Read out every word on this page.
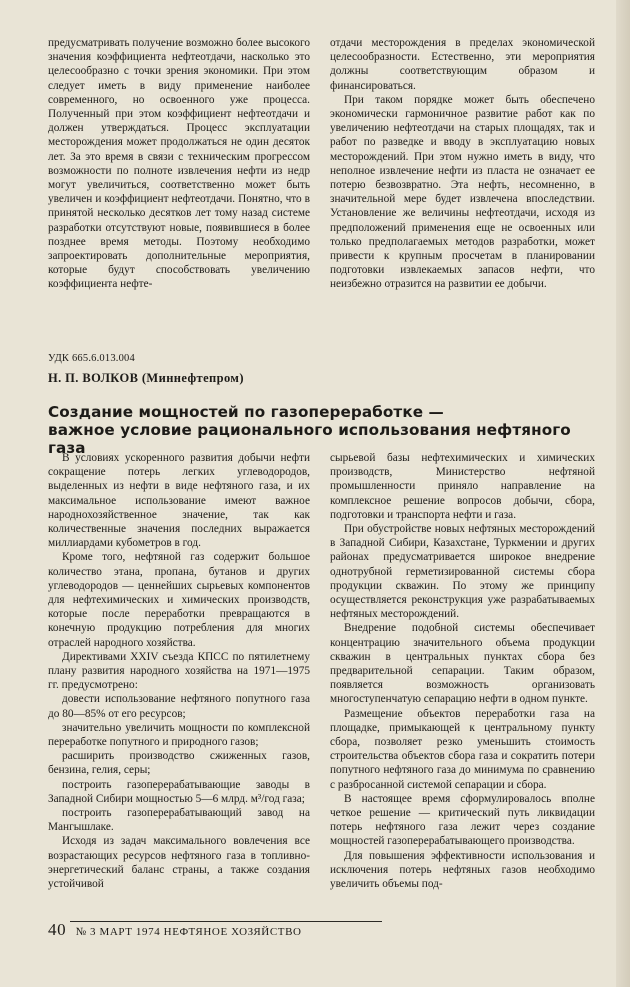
предусматривать получение возможно более высокого значения коэффициента нефтеотдачи, насколько это целесообразно с точки зрения экономики. При этом следует иметь в виду применение наиболее современного, но освоенного уже процесса. Полученный при этом коэффициент нефтеотдачи и должен утверждаться. Процесс эксплуатации месторождения может продолжаться не один десяток лет. За это время в связи с техническим прогрессом возможности по полноте извлечения нефти из недр могут увеличиться, соответственно может быть увеличен и коэффициент нефтеотдачи. Понятно, что в принятой несколько десятков лет тому назад системе разработки отсутствуют новые, появившиеся в более позднее время методы. Поэтому необходимо запроектировать дополнительные мероприятия, которые будут способствовать увеличению коэффициента нефте-

отдачи месторождения в пределах экономической целесообразности. Естественно, эти мероприятия должны соответствующим образом и финансироваться.

При таком порядке может быть обеспечено экономически гармоничное развитие работ как по увеличению нефтеотдачи на старых площадях, так и работ по разведке и вводу в эксплуатацию новых месторождений. При этом нужно иметь в виду, что неполное извлечение нефти из пласта не означает ее потерю безвозвратно. Эта нефть, несомненно, в значительной мере будет извлечена впоследствии. Установление же величины нефтеотдачи, исходя из предположений применения еще не освоенных или только предполагаемых методов разработки, может привести к крупным просчетам в планировании подготовки извлекаемых запасов нефти, что неизбежно отразится на развитии ее добычи.

УДК 665.6.013.004
Н. П. ВОЛКОВ (Миннефтепром)
Создание мощностей по газопереработке —
важное условие рационального использования нефтяного газа

В условиях ускоренного развития добычи нефти сокращение потерь легких углеводородов, выделенных из нефти в виде нефтяного газа, и их максимальное использование имеют важное народнохозяйственное значение, так как количественные значения последних выражается миллиардами кубометров в год.

Кроме того, нефтяной газ содержит большое количество этана, пропана, бутанов и других углеводородов — ценнейших сырьевых компонентов для нефтехимических и химических производств, которые после переработки превращаются в конечную продукцию потребления для многих отраслей народного хозяйства.

Директивами XXIV съезда КПСС по пятилетнему плану развития народного хозяйства на 1971—1975 гг. предусмотрено:

довести использование нефтяного попутного газа до 80—85% от его ресурсов;

значительно увеличить мощности по комплексной переработке попутного и природного газов;

расширить производство сжиженных газов, бензина, гелия, серы;

построить газоперерабатывающие заводы в Западной Сибири мощностью 5—6 млрд. м³/год газа;

построить газоперерабатывающий завод на Мангышлаке.

Исходя из задач максимального вовлечения все возрастающих ресурсов нефтяного газа в топливно-энергетический баланс страны, а также создания устойчивой

сырьевой базы нефтехимических и химических производств, Министерство нефтяной промышленности приняло направление на комплексное решение вопросов добычи, сбора, подготовки и транспорта нефти и газа.

При обустройстве новых нефтяных месторождений в Западной Сибири, Казахстане, Туркмении и других районах предусматривается широкое внедрение однотрубной герметизированной системы сбора продукции скважин. По этому же принципу осуществляется реконструкция уже разрабатываемых нефтяных месторождений.

Внедрение подобной системы обеспечивает концентрацию значительного объема продукции скважин в центральных пунктах сбора без предварительной сепарации. Таким образом, появляется возможность организовать многоступенчатую сепарацию нефти в одном пункте.

Размещение объектов переработки газа на площадке, примыкающей к центральному пункту сбора, позволяет резко уменьшить стоимость строительства объектов сбора газа и сократить потери попутного нефтяного газа до минимума по сравнению с разбросанной системой сепарации и сбора.

В настоящее время сформулировалось вполне четкое решение — критический путь ликвидации потерь нефтяного газа лежит через создание мощностей газоперерабатывающего производства.

Для повышения эффективности использования и исключения потерь нефтяных газов необходимо увеличить объемы под-

40 № 3 МАРТ 1974 НЕФТЯНОЕ ХОЗЯЙСТВО
